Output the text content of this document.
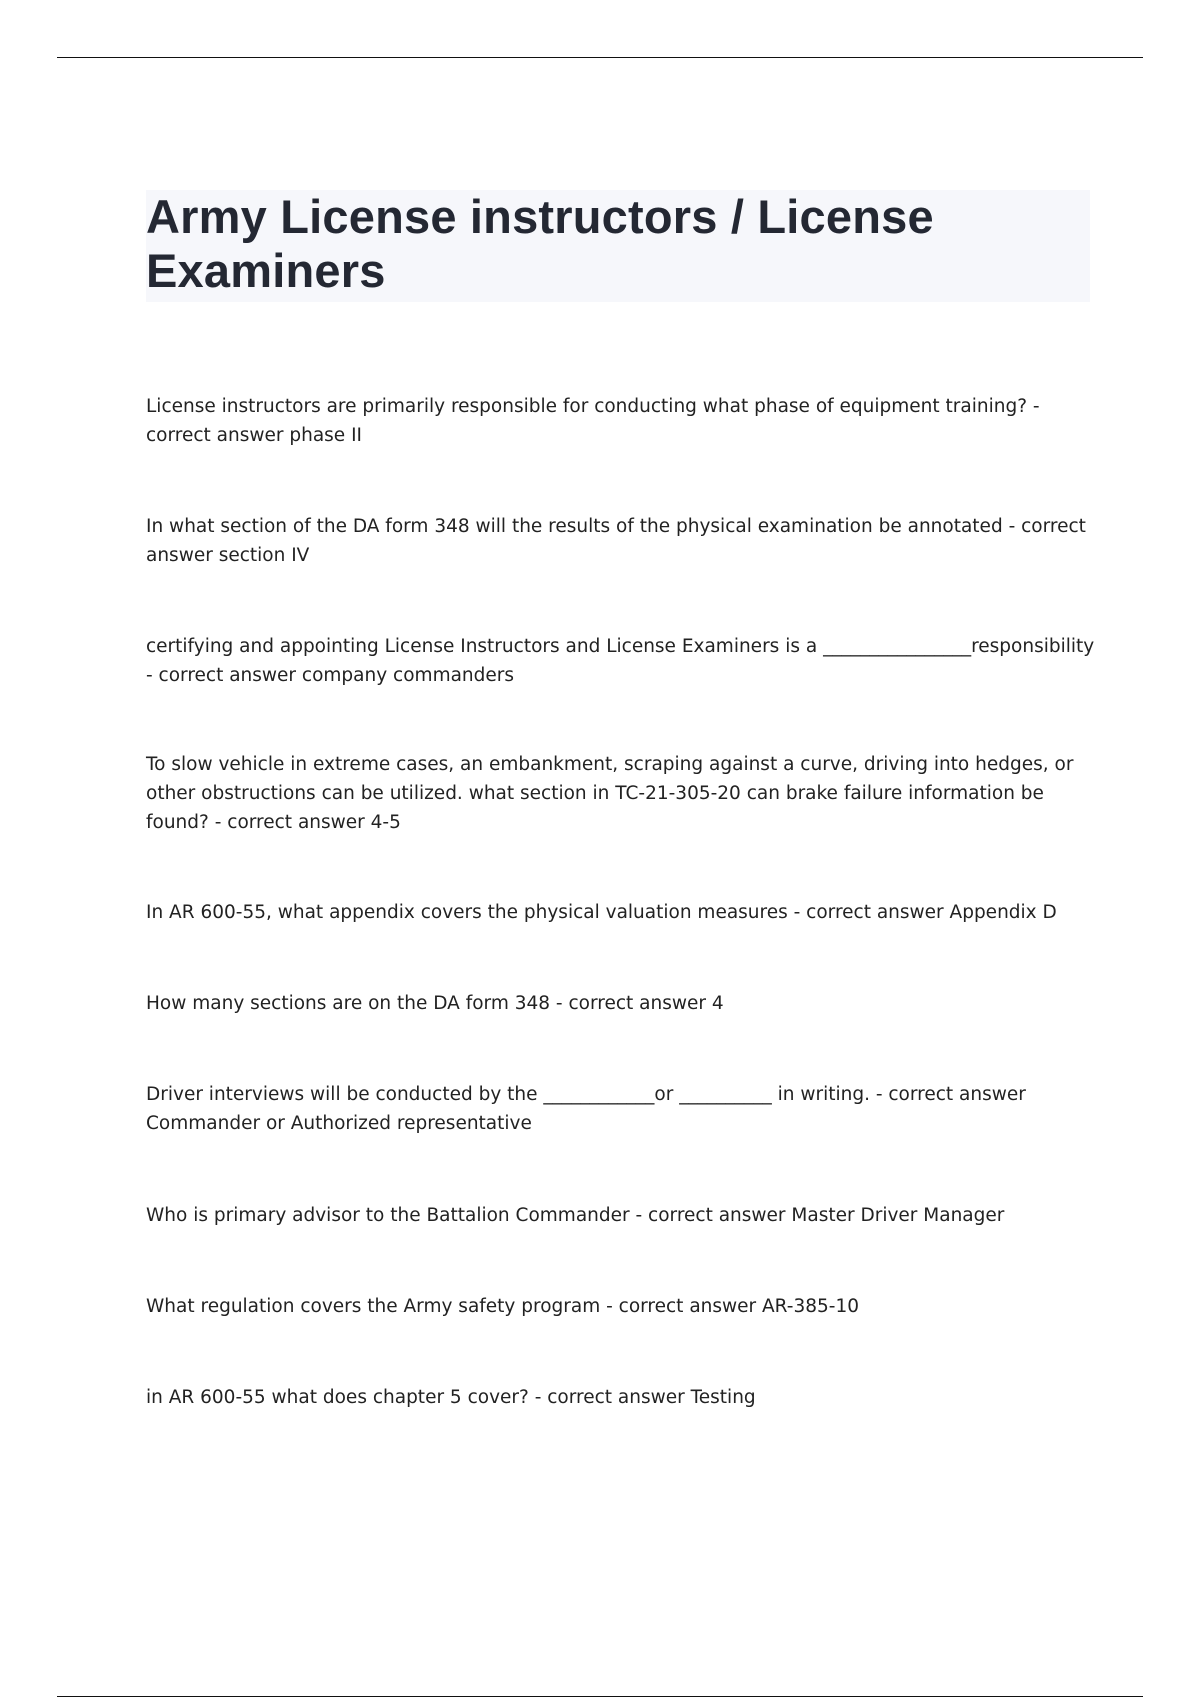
Army License instructors / License Examiners
License instructors are primarily responsible for conducting what phase of equipment training? - correct answer phase II
In what section of the DA form 348 will the results of the physical examination be annotated - correct answer section IV
certifying and appointing License Instructors and License Examiners is a ________________responsibility - correct answer company commanders
To slow vehicle in extreme cases, an embankment, scraping against a curve, driving into hedges, or other obstructions can be utilized. what section in TC-21-305-20 can brake failure information be found? - correct answer 4-5
In AR 600-55, what appendix covers the physical valuation measures - correct answer Appendix D
How many sections are on the DA form 348 - correct answer 4
Driver interviews will be conducted by the ____________or __________ in writing. - correct answer Commander or Authorized representative
Who is primary advisor to the Battalion Commander - correct answer Master Driver Manager
What regulation covers the Army safety program - correct answer AR-385-10
in AR 600-55 what does chapter 5 cover? - correct answer Testing
